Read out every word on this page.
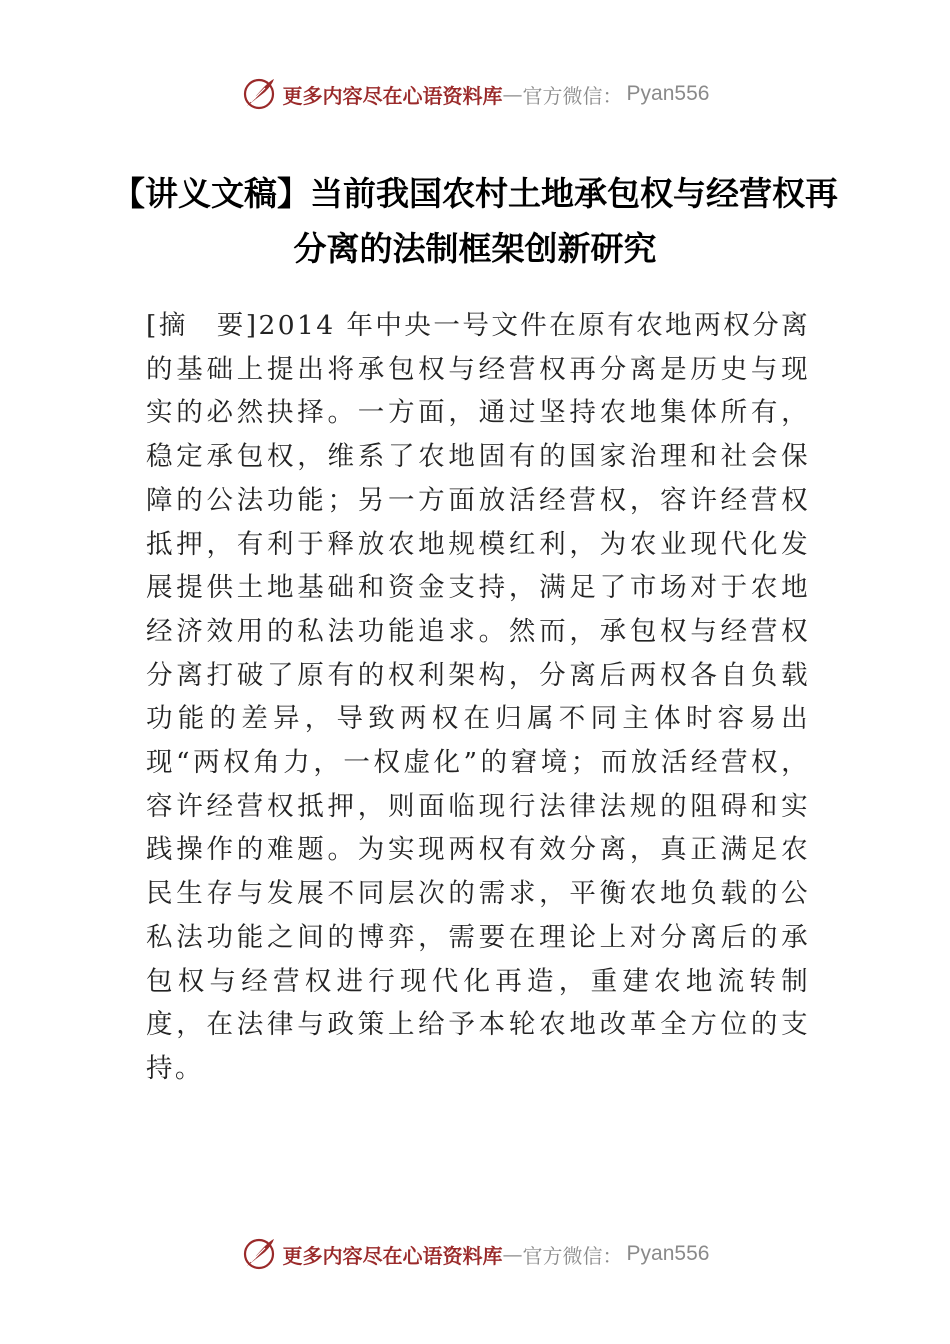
更多内容尽在心语资料库 — 官方微信： Pyan556
【讲义文稿】当前我国农村土地承包权与经营权再分离的法制框架创新研究
[摘　要]2014 年中央一号文件在原有农地两权分离的基础上提出将承包权与经营权再分离是历史与现实的必然抉择。一方面，通过坚持农地集体所有，稳定承包权，维系了农地固有的国家治理和社会保障的公法功能；另一方面放活经营权，容许经营权抵押，有利于释放农地规模红利，为农业现代化发展提供土地基础和资金支持，满足了市场对于农地经济效用的私法功能追求。然而，承包权与经营权分离打破了原有的权利架构，分离后两权各自负载功能的差异，导致两权在归属不同主体时容易出现“两权角力，一权虚化”的窘境；而放活经营权，容许经营权抵押，则面临现行法律法规的阻碍和实践操作的难题。为实现两权有效分离，真正满足农民生存与发展不同层次的需求，平衡农地负载的公私法功能之间的博弈，需要在理论上对分离后的承包权与经营权进行现代化再造，重建农地流转制度，在法律与政策上给予本轮农地改革全方位的支持。
更多内容尽在心语资料库 — 官方微信： Pyan556
